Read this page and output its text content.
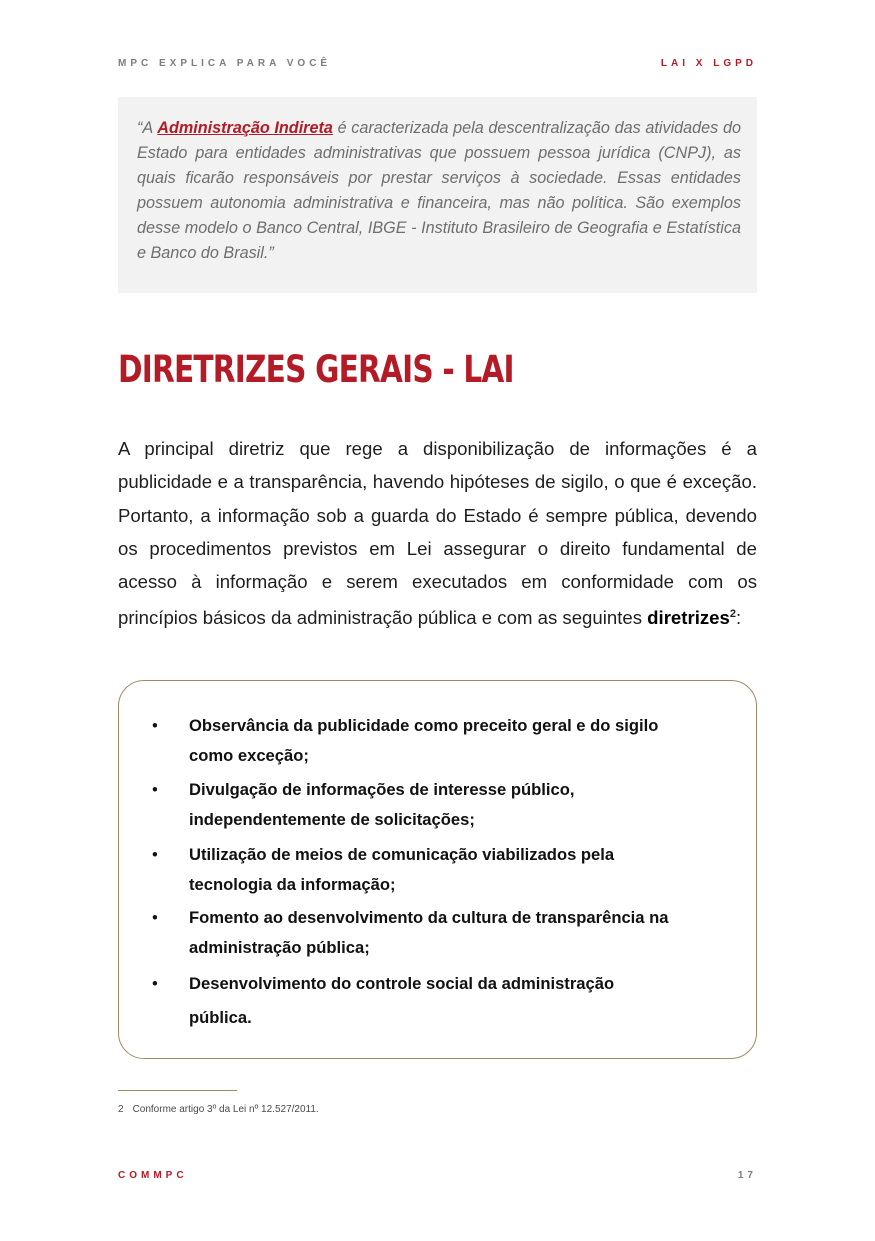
MPC EXPLICA PARA VOCÊ	LAI X LGPD

“A Administração Indireta é caracterizada pela descentralização das atividades do Estado para entidades administrativas que possuem pessoa jurídica (CNPJ), as quais ficarão responsáveis por prestar serviços à sociedade. Essas entidades possuem autonomia administrativa e financeira, mas não política. São exemplos desse modelo o Banco Central, IBGE - Instituto Brasileiro de Geografia e Estatística e Banco do Brasil.”

DIRETRIZES GERAIS - LAI

A principal diretriz que rege a disponibilização de informações é a publicidade e a transparência, havendo hipóteses de sigilo, o que é exceção. Portanto, a informação sob a guarda do Estado é sempre pública, devendo os procedimentos previstos em Lei assegurar o direito fundamental de acesso à informação e serem executados em conformidade com os princípios básicos da administração pública e com as seguintes diretrizes$^2$:

• Observância da publicidade como preceito geral e do sigilo como exceção;
• Divulgação de informações de interesse público, independentemente de solicitações;
• Utilização de meios de comunicação viabilizados pela tecnologia da informação;
• Fomento ao desenvolvimento da cultura de transparência na administração pública;
• Desenvolvimento do controle social da administração pública.
2 Conforme artigo 3º da Lei nº 12.527/2011.
COMMPC	17
